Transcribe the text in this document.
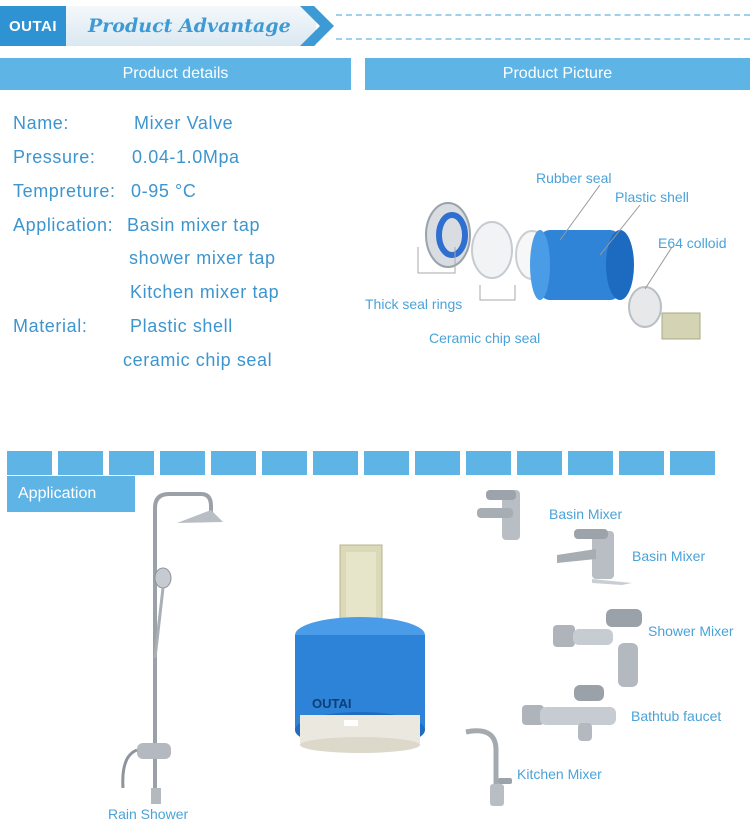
OUTAI Product Advantage
Product details	Product Picture
Name:	Mixer Valve
Pressure: 0.04-1.0Mpa
Tempreture: 0-95 °C
Application: Basin mixer tap
shower mixer tap
Kitchen mixer tap
Material: Plastic shell
ceramic chip seal
Rubber seal
Plastic shell
E64 colloid
Thick seal rings
Ceramic chip seal
Application
Rain Shower
OUTAI
Basin Mixer
Basin Mixer
Shower Mixer
Bathtub faucet
Kitchen Mixer
